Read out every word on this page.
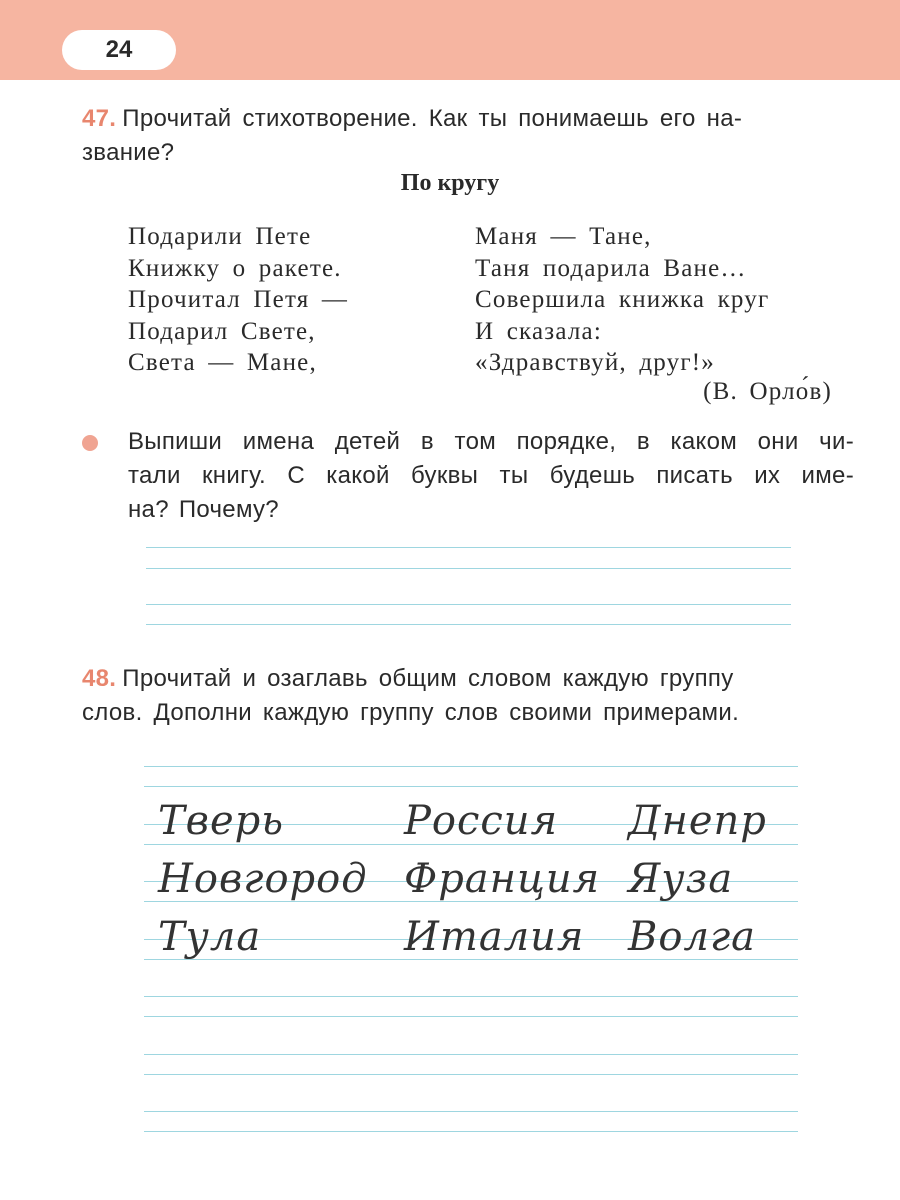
24
47. Прочитай стихотворение. Как ты понимаешь его на-
звание?
По кругу
Подарили Пете
Книжку о ракете.
Прочитал Петя —
Подарил Свете,
Света — Мане,
Маня — Тане,
Таня подарила Ване…
Совершила книжка круг
И сказала:
«Здравствуй, друг!»
(В. Орло́в)
Выпиши имена детей в том порядке, в каком они чи-
тали книгу. С какой буквы ты будешь писать их име-
на? Почему?
48. Прочитай и озаглавь общим словом каждую группу
слов. Дополни каждую группу слов своими примерами.
Тверь
Новгород
Тула
Россия
Франция
Италия
Днепр
Яуза
Волга
